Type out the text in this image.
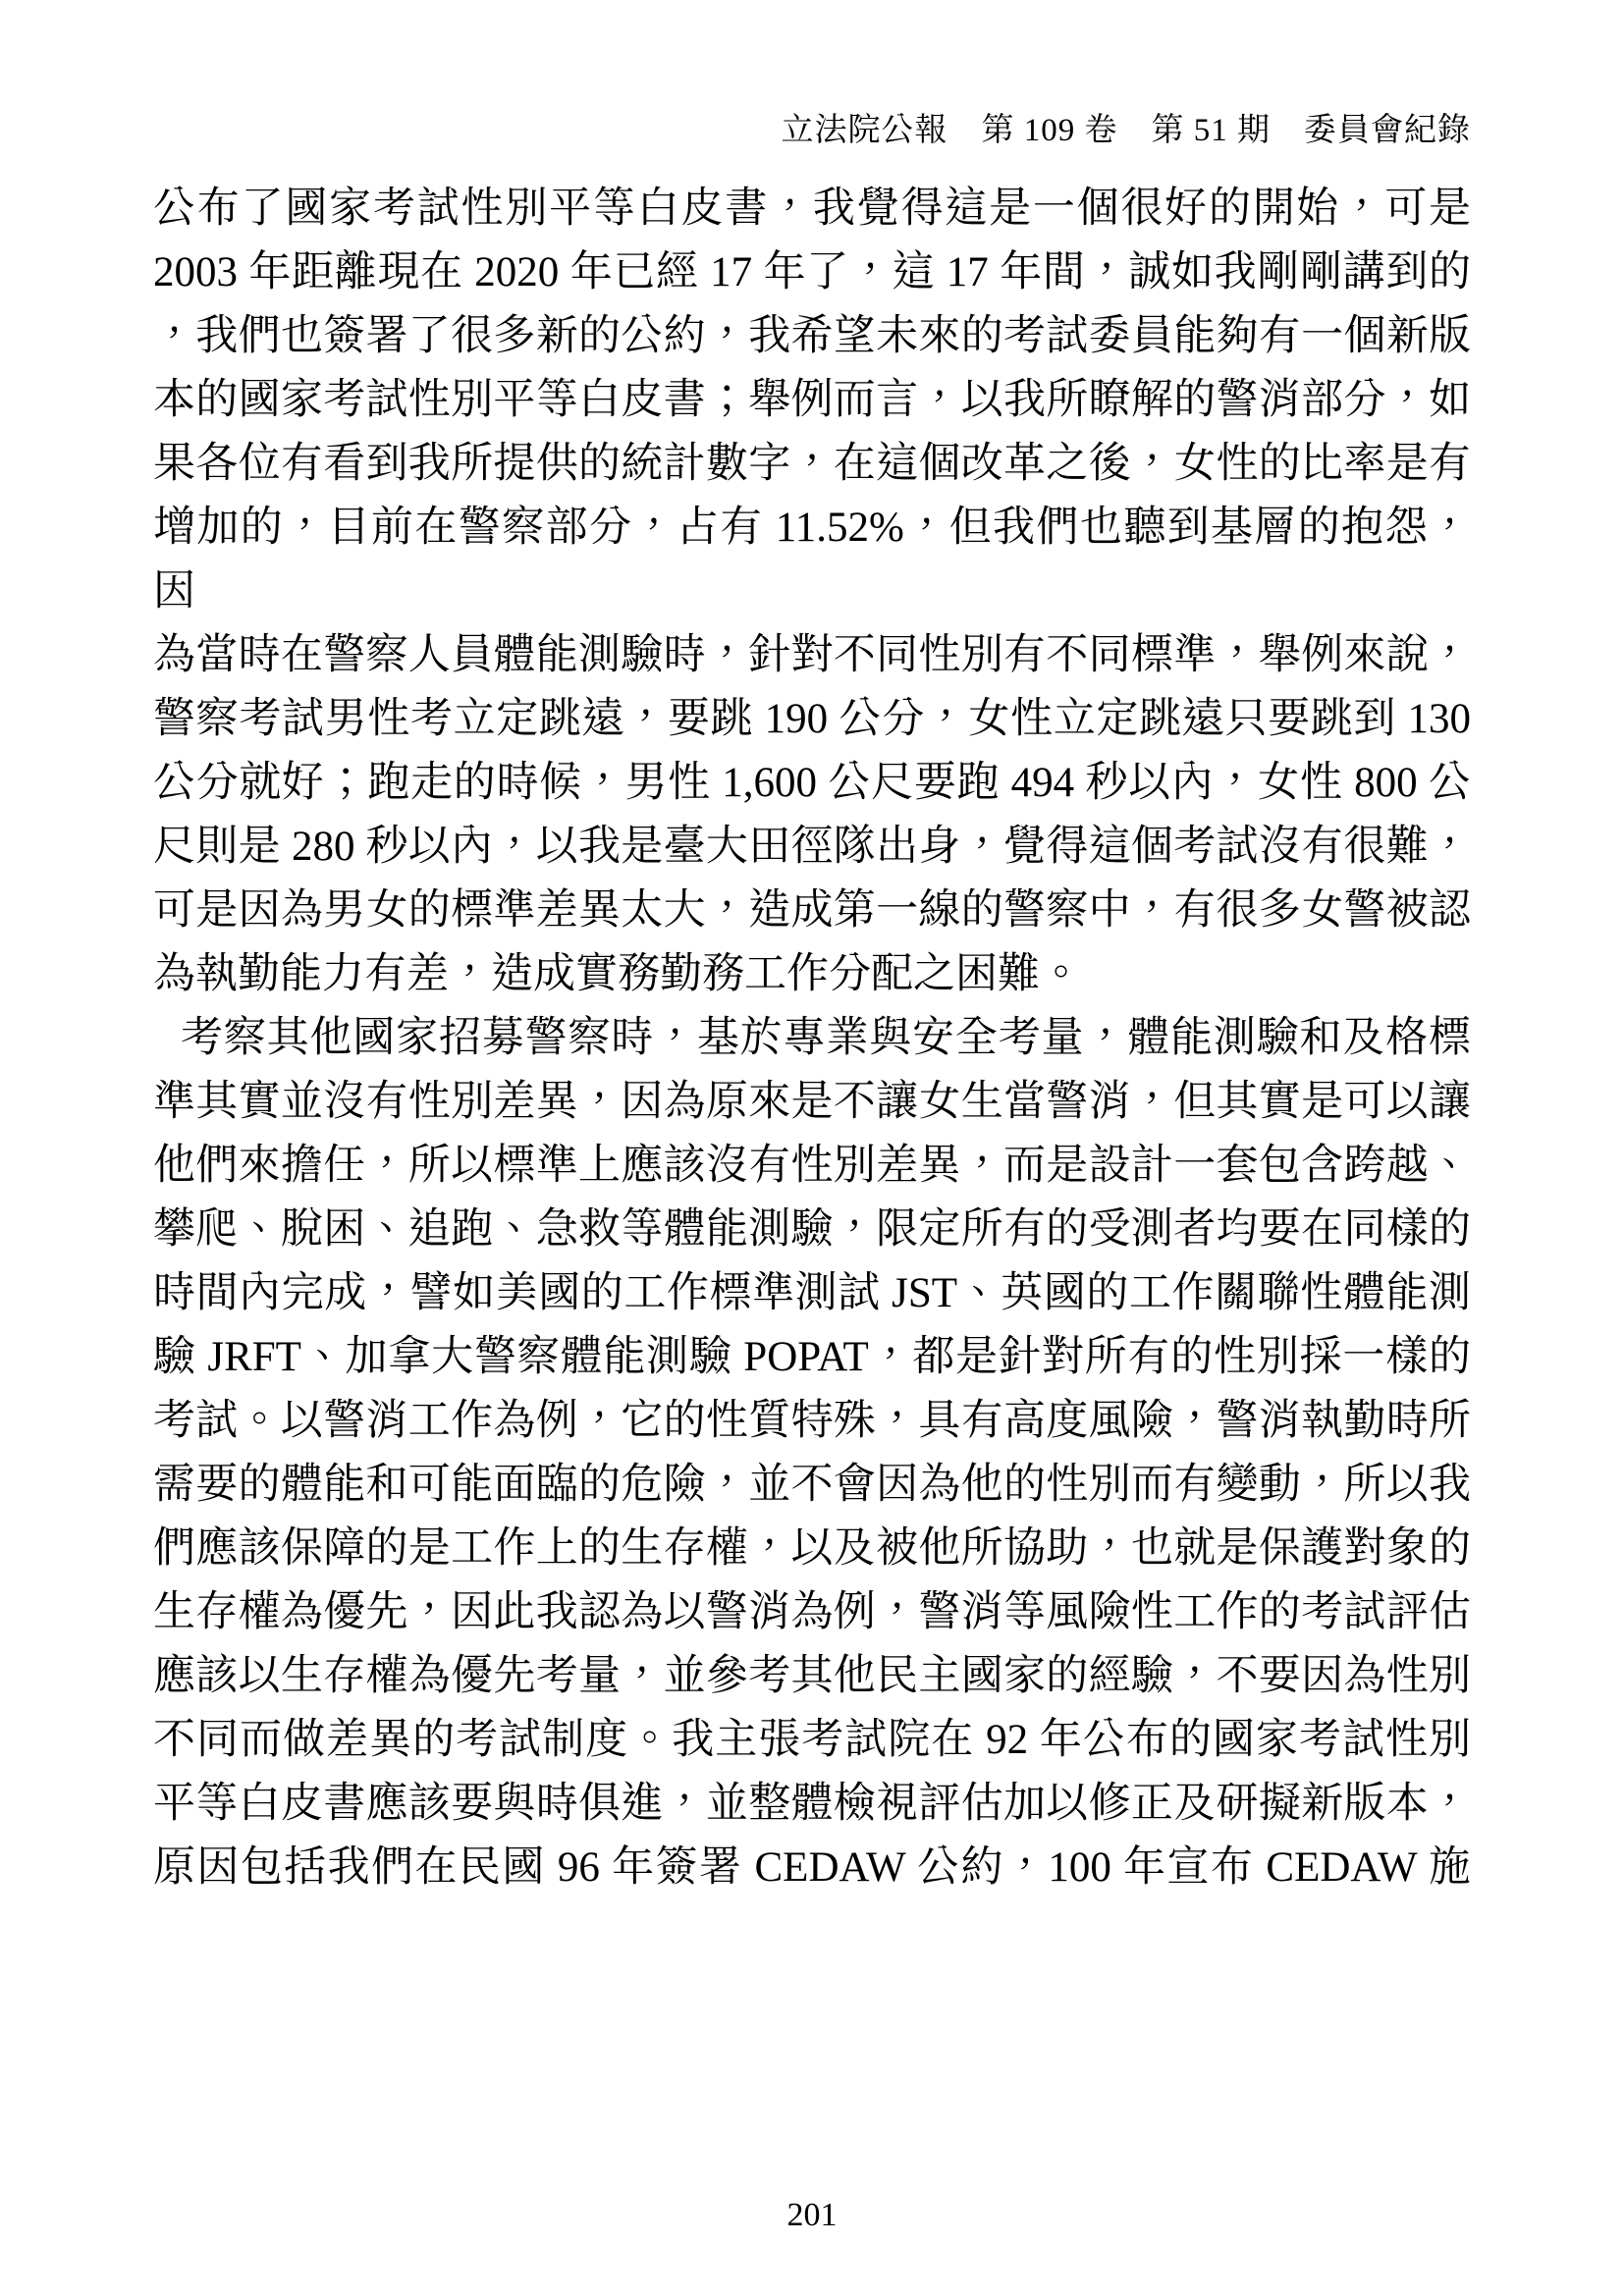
立法院公報　第 109 卷　第 51 期　委員會紀錄
公布了國家考試性別平等白皮書，我覺得這是一個很好的開始，可是
2003 年距離現在 2020 年已經 17 年了，這 17 年間，誠如我剛剛講到的
，我們也簽署了很多新的公約，我希望未來的考試委員能夠有一個新版
本的國家考試性別平等白皮書；舉例而言，以我所瞭解的警消部分，如
果各位有看到我所提供的統計數字，在這個改革之後，女性的比率是有
增加的，目前在警察部分，占有 11.52%，但我們也聽到基層的抱怨，因
為當時在警察人員體能測驗時，針對不同性別有不同標準，舉例來說，
警察考試男性考立定跳遠，要跳 190 公分，女性立定跳遠只要跳到 130
公分就好；跑走的時候，男性 1,600 公尺要跑 494 秒以內，女性 800 公
尺則是 280 秒以內，以我是臺大田徑隊出身，覺得這個考試沒有很難，
可是因為男女的標準差異太大，造成第一線的警察中，有很多女警被認
為執勤能力有差，造成實務勤務工作分配之困難。
考察其他國家招募警察時，基於專業與安全考量，體能測驗和及格標
準其實並沒有性別差異，因為原來是不讓女生當警消，但其實是可以讓
他們來擔任，所以標準上應該沒有性別差異，而是設計一套包含跨越、
攀爬、脫困、追跑、急救等體能測驗，限定所有的受測者均要在同樣的
時間內完成，譬如美國的工作標準測試 JST、英國的工作關聯性體能測
驗 JRFT、加拿大警察體能測驗 POPAT，都是針對所有的性別採一樣的
考試。以警消工作為例，它的性質特殊，具有高度風險，警消執勤時所
需要的體能和可能面臨的危險，並不會因為他的性別而有變動，所以我
們應該保障的是工作上的生存權，以及被他所協助，也就是保護對象的
生存權為優先，因此我認為以警消為例，警消等風險性工作的考試評估
應該以生存權為優先考量，並參考其他民主國家的經驗，不要因為性別
不同而做差異的考試制度。我主張考試院在 92 年公布的國家考試性別
平等白皮書應該要與時俱進，並整體檢視評估加以修正及研擬新版本，
原因包括我們在民國 96 年簽署 CEDAW 公約，100 年宣布 CEDAW 施
201
